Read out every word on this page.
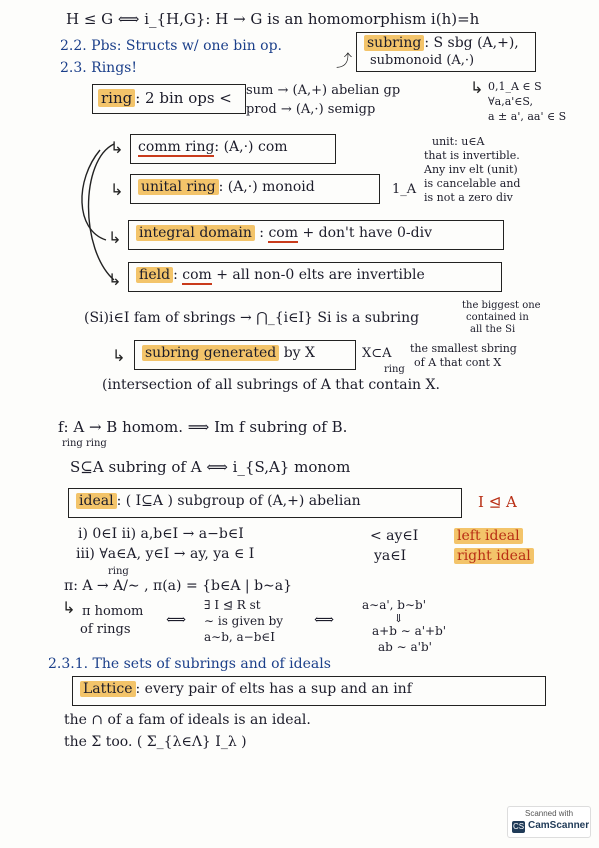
H ≤ G ⟺ i_{H,G}: H → G is an homomorphism i(h)=h
2.2. Pbs: Structs w/ one bin op.
2.3. Rings!
subring : S sbg (A,+),
submonoid (A,·)
⤴
ring : 2 bin ops < sum → (A,+) abelian gp
prod → (A,·) semigp
↳ 0,1_A ∈ S
∀a,a'∈S,
a ± a', aa' ∈ S
↳ comm ring: (A,·) com	unit: u∈A
that is invertible.
Any inv elt (unit)
is cancelable and
is not a zero div
↳ unital ring : (A,·) monoid	1_A
↳ integral domain : com + don't have 0-div
↳ field : com + all non-0 elts are invertible
(Si)i∈I fam of sbrings → ⋂_{i∈I} Si is a subring
the biggest one
contained in
all the Si
↳ subring generated by X	X⊂A
ring
the smallest sbring
of A that cont X
(intersection of all subrings of A that contain X.
f: A → B homom. ⟹ Im f subring of B.
ring ring
S⊆A subring of A ⟺ i_{S,A} monom
ideal : ( I⊆A ) subgroup of (A,+) abelian	I ⊴ A
i) 0∈I ii) a,b∈I → a−b∈I
iii) ∀a∈A, y∈I → ay, ya ∈ I
< ay∈I
ya∈I
left ideal
right ideal
ring
π: A → A/∼ , π(a) = {b∈A | b∼a}
↳ π homom
of rings
⟺
∃ I ⊴ R st
∼ is given by
a∼b, a−b∈I
⟺
a∼a', b∼b'
⇓
a+b ∼ a'+b'
ab ∼ a'b'
2.3.1. The sets of subrings and of ideals
Lattice : every pair of elts has a sup and an inf
the ∩ of a fam of ideals is an ideal.
the Σ too. ( Σ_{λ∈Λ} I_λ )
Scanned with
CS CamScanner
